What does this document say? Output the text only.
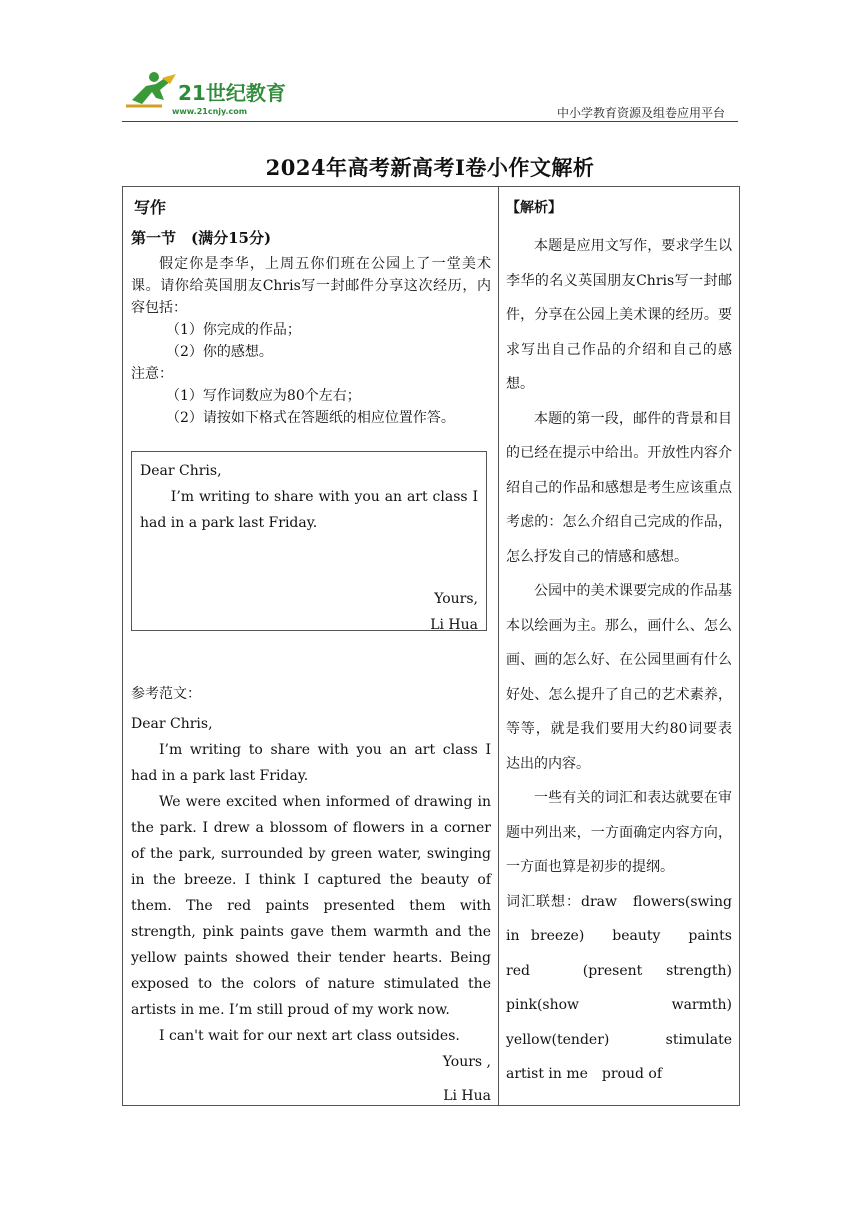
21世纪教育
www.21cnjy.com	中小学教育资源及组卷应用平台
2024年高考新高考I卷小作文解析
写作
第一节　(满分15分)

假定你是李华，上周五你们班在公园上了一堂美术课。请你给英国朋友Chris写一封邮件分享这次经历，内容包括：

（1）你完成的作品；

（2）你的感想。

注意：

（1）写作词数应为80个左右；

（2）请按如下格式在答题纸的相应位置作答。

Dear Chris,

I’m writing to share with you an art class I had in a park last Friday.

Yours,
Li Hua
参考范文：

Dear Chris,

I’m writing to share with you an art class I had in a park last Friday.

We were excited when informed of drawing in the park. I drew a blossom of flowers in a corner of the park, surrounded by green water, swinging in the breeze. I think I captured the beauty of them. The red paints presented them with strength, pink paints gave them warmth and the yellow paints showed their tender hearts. Being exposed to the colors of nature stimulated the artists in me. I’m still proud of my work now.

I can't wait for our next art class outsides.

Yours ,

Li Hua

【解析】

本题是应用文写作，要求学生以李华的名义英国朋友Chris写一封邮件，分享在公园上美术课的经历。要求写出自己作品的介绍和自己的感想。

本题的第一段，邮件的背景和目的已经在提示中给出。开放性内容介绍自己的作品和感想是考生应该重点考虑的：怎么介绍自己完成的作品，怎么抒发自己的情感和感想。

公园中的美术课要完成的作品基本以绘画为主。那么，画什么、怎么画、画的怎么好、在公园里画有什么好处、怎么提升了自己的艺术素养，等等，就是我们要用大约80词要表达出的内容。

一些有关的词汇和表达就要在审题中列出来，一方面确定内容方向，一方面也算是初步的提纲。

词汇联想：draw　flowers(swing in breeze)　beauty　paints　red　(present strength)　pink(show warmth)　yellow(tender)　stimulate　artist in me　proud of
